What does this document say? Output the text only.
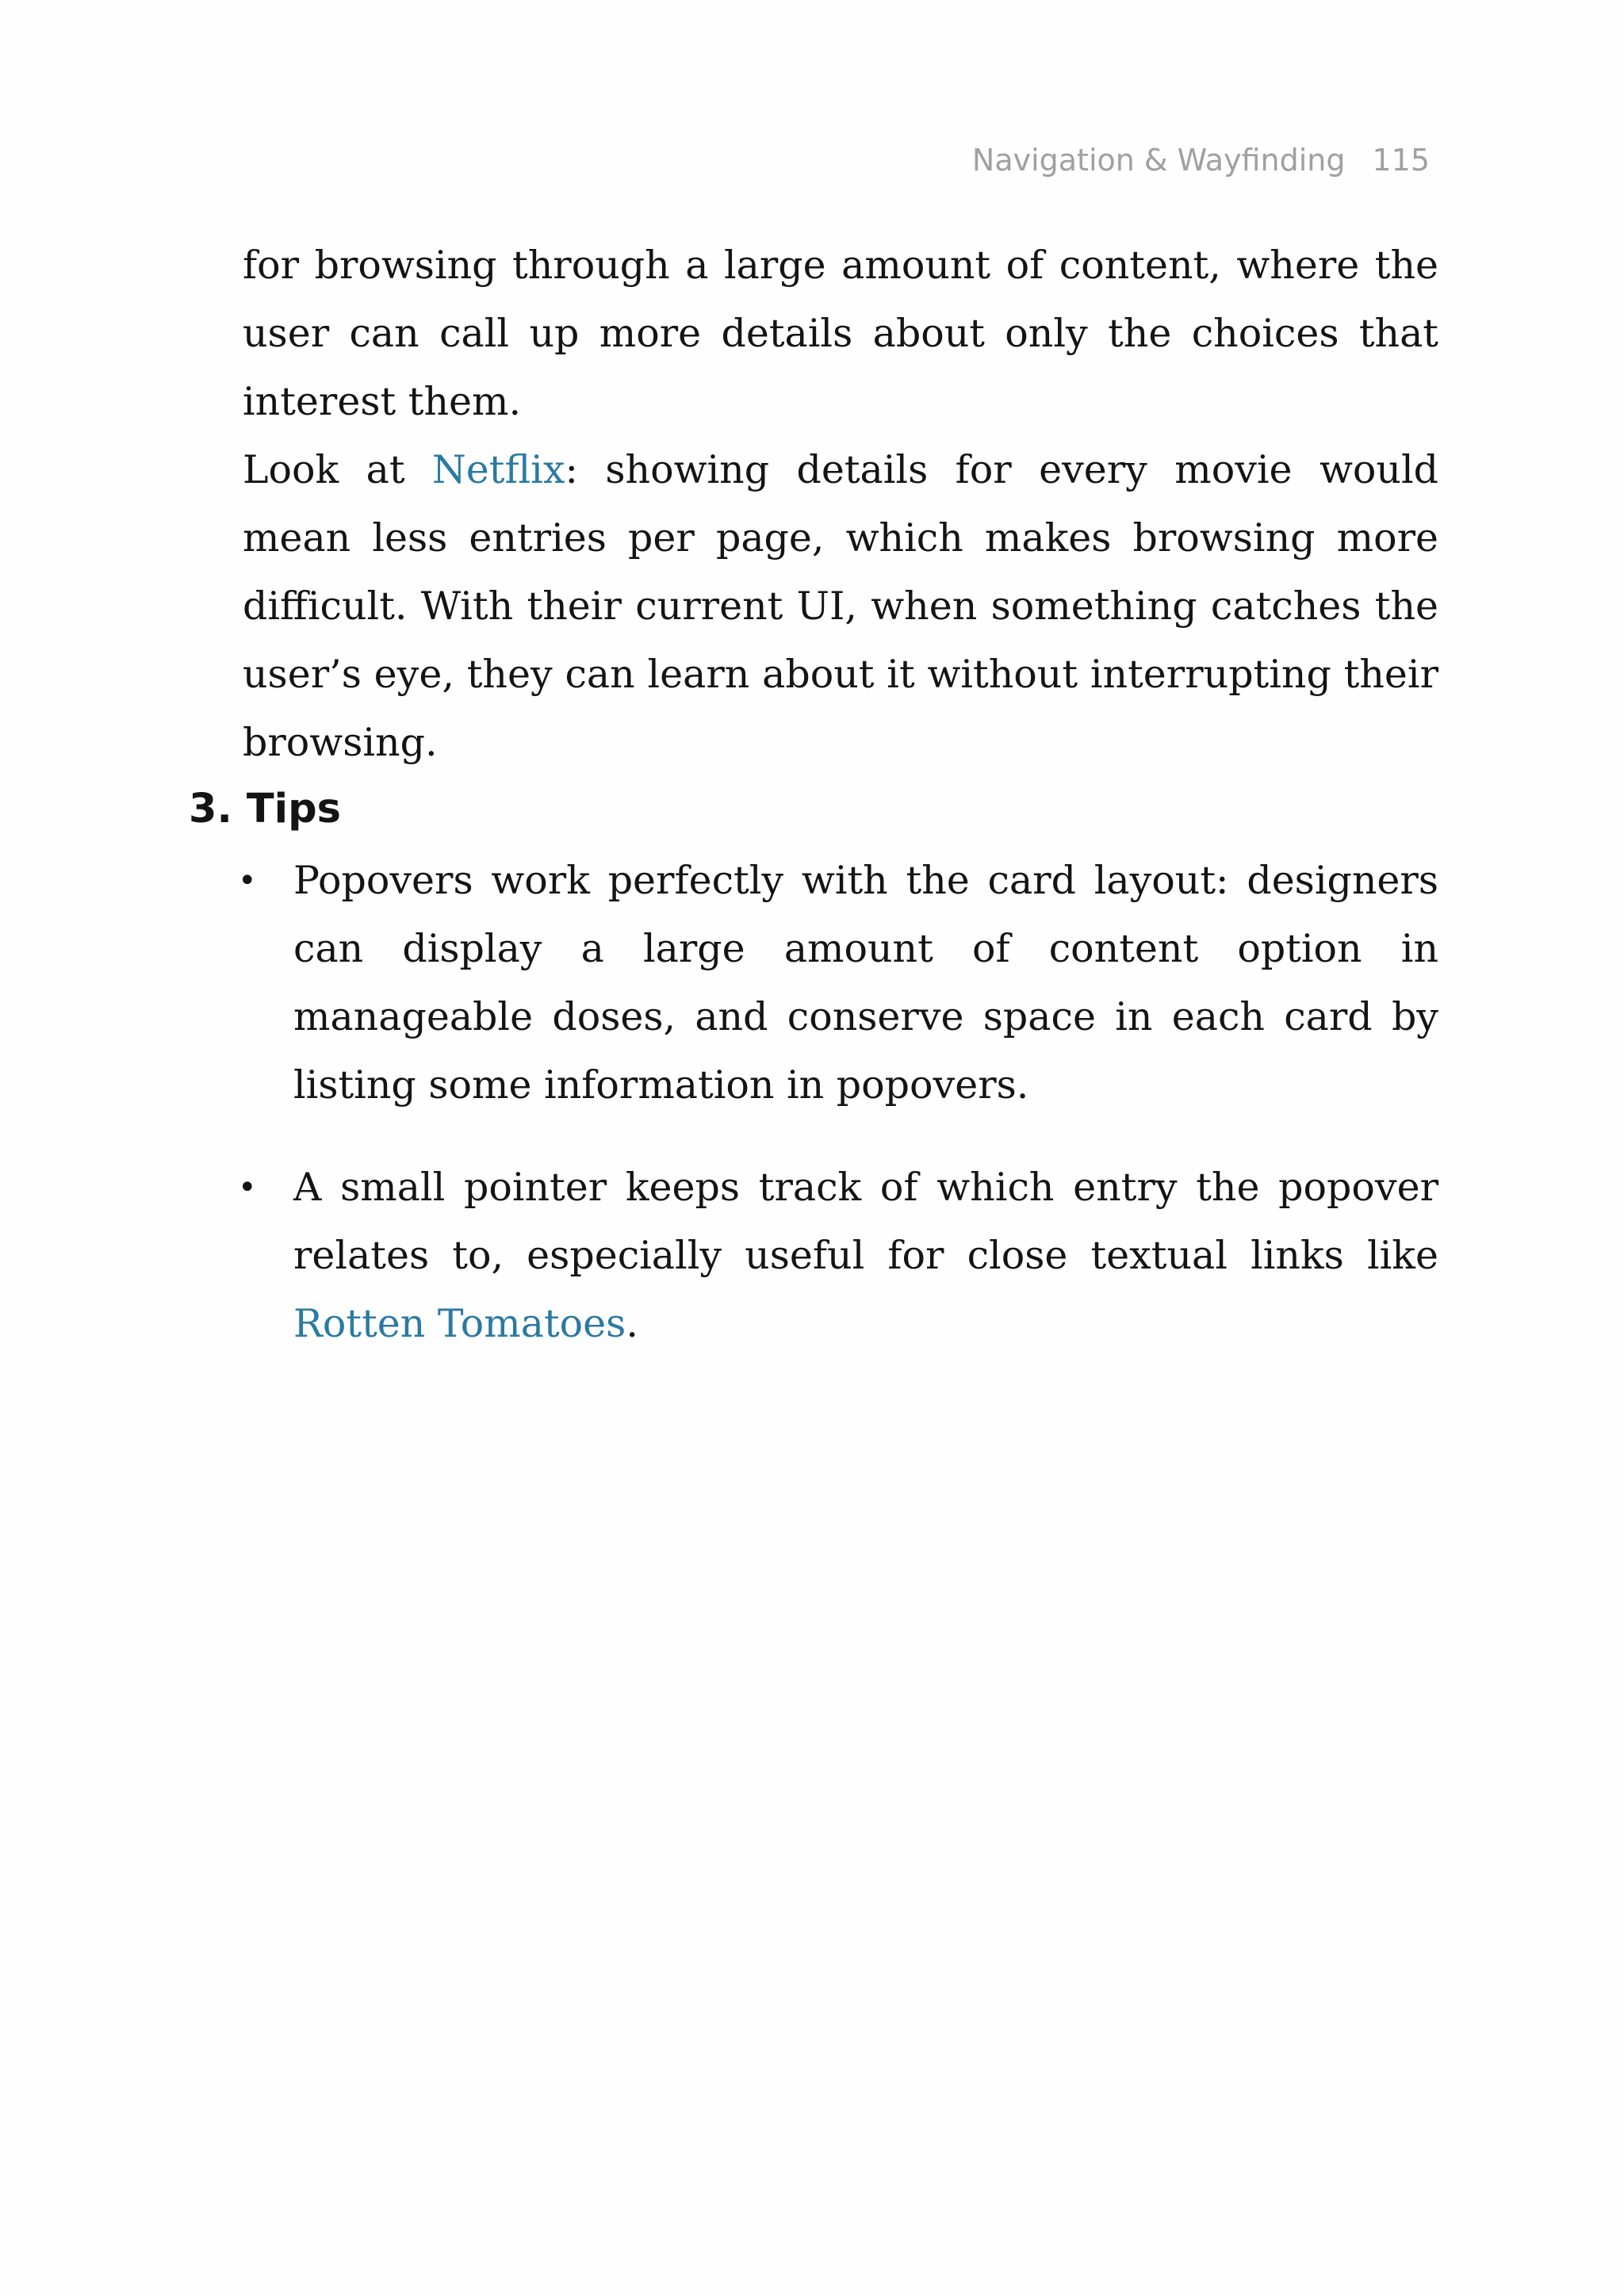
Navigation & Wayfinding 115

for browsing through a large amount of content, where the user can call up more details about only the choices that interest them.

Look at Netflix: showing details for every movie would mean less entries per page, which makes browsing more difficult. With their current UI, when something catches the user’s eye, they can learn about it without interrupting their browsing.

3. Tips
• Popovers work perfectly with the card layout: designers can display a large amount of content option in manageable doses, and conserve space in each card by listing some information in popovers.
• A small pointer keeps track of which entry the popover relates to, especially useful for close textual links like Rotten Tomatoes.
